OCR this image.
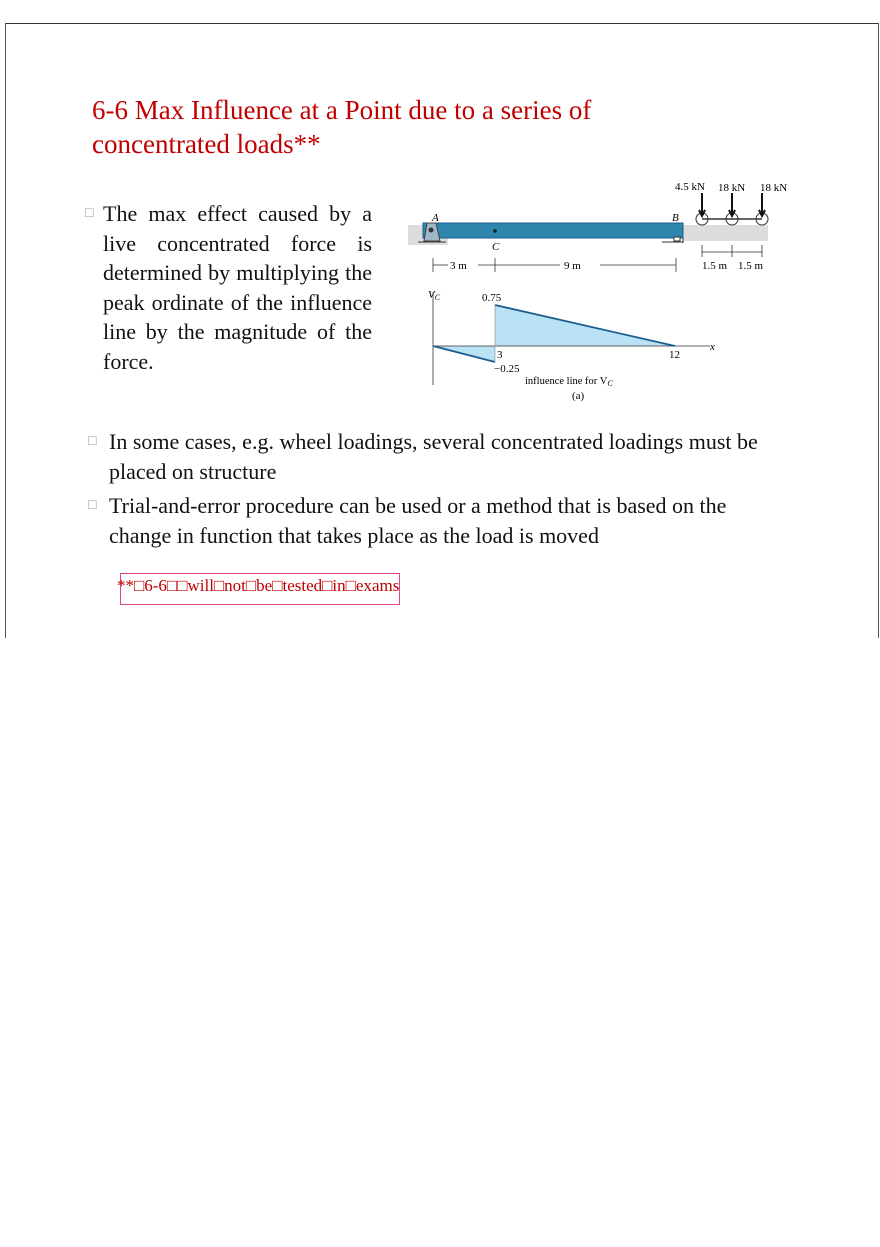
6-6 Max Influence at a Point due to a series of concentrated loads**
□ The max effect caused by a live concentrated force is determined by multiplying the peak ordinate of the influence line by the magnitude of the force.
□ In some cases, e.g. wheel loadings, several concentrated loadings must be placed on structure
□ Trial-and-error procedure can be used or a method that is based on the change in function that takes place as the load is moved
**□6-6□□will□not□be□tested□in□exams
A	B
C
4.5 kN 18 kN 18 kN
3 m	9 m	1.5 m 1.5 m
VC	0.75
3
−0.25
12
x
influence line for VC
(a)
